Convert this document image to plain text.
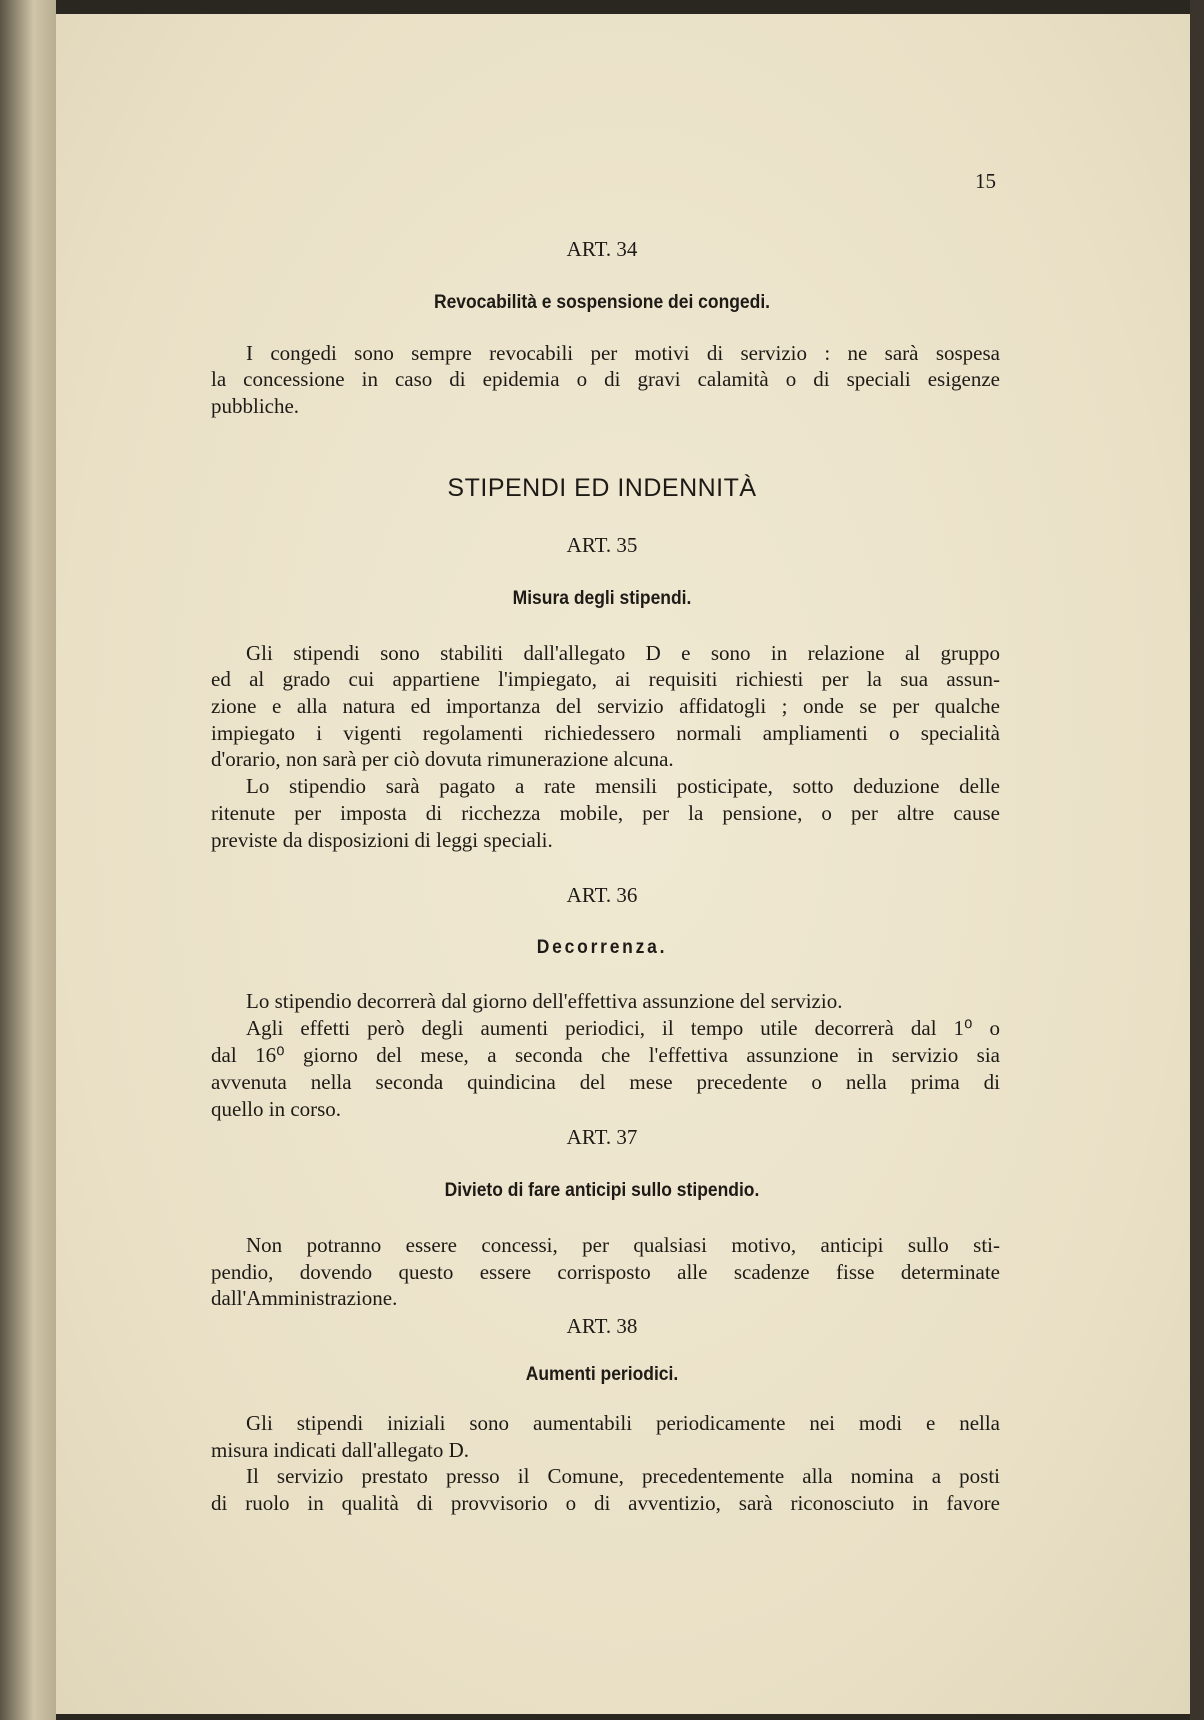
15
ART. 34
Revocabilità e sospensione dei congedi.
I congedi sono sempre revocabili per motivi di servizio : ne sarà sospesa
la concessione in caso di epidemia o di gravi calamità o di speciali esigenze
pubbliche.
STIPENDI ED INDENNITÀ
ART. 35
Misura degli stipendi.
Gli stipendi sono stabiliti dall'allegato D e sono in relazione al gruppo
ed al grado cui appartiene l'impiegato, ai requisiti richiesti per la sua assun-
zione e alla natura ed importanza del servizio affidatogli ; onde se per qualche
impiegato i vigenti regolamenti richiedessero normali ampliamenti o specialità
d'orario, non sarà per ciò dovuta rimunerazione alcuna.
Lo stipendio sarà pagato a rate mensili posticipate, sotto deduzione delle
ritenute per imposta di ricchezza mobile, per la pensione, o per altre cause
previste da disposizioni di leggi speciali.
ART. 36
Decorrenza.
Lo stipendio decorrerà dal giorno dell'effettiva assunzione del servizio.
Agli effetti però degli aumenti periodici, il tempo utile decorrerà dal 1⁰ o
dal 16⁰ giorno del mese, a seconda che l'effettiva assunzione in servizio sia
avvenuta nella seconda quindicina del mese precedente o nella prima di
quello in corso.
ART. 37
Divieto di fare anticipi sullo stipendio.
Non potranno essere concessi, per qualsiasi motivo, anticipi sullo sti-
pendio, dovendo questo essere corrisposto alle scadenze fisse determinate
dall'Amministrazione.
ART. 38
Aumenti periodici.
Gli stipendi iniziali sono aumentabili periodicamente nei modi e nella
misura indicati dall'allegato D.
Il servizio prestato presso il Comune, precedentemente alla nomina a posti
di ruolo in qualità di provvisorio o di avventizio, sarà riconosciuto in favore
